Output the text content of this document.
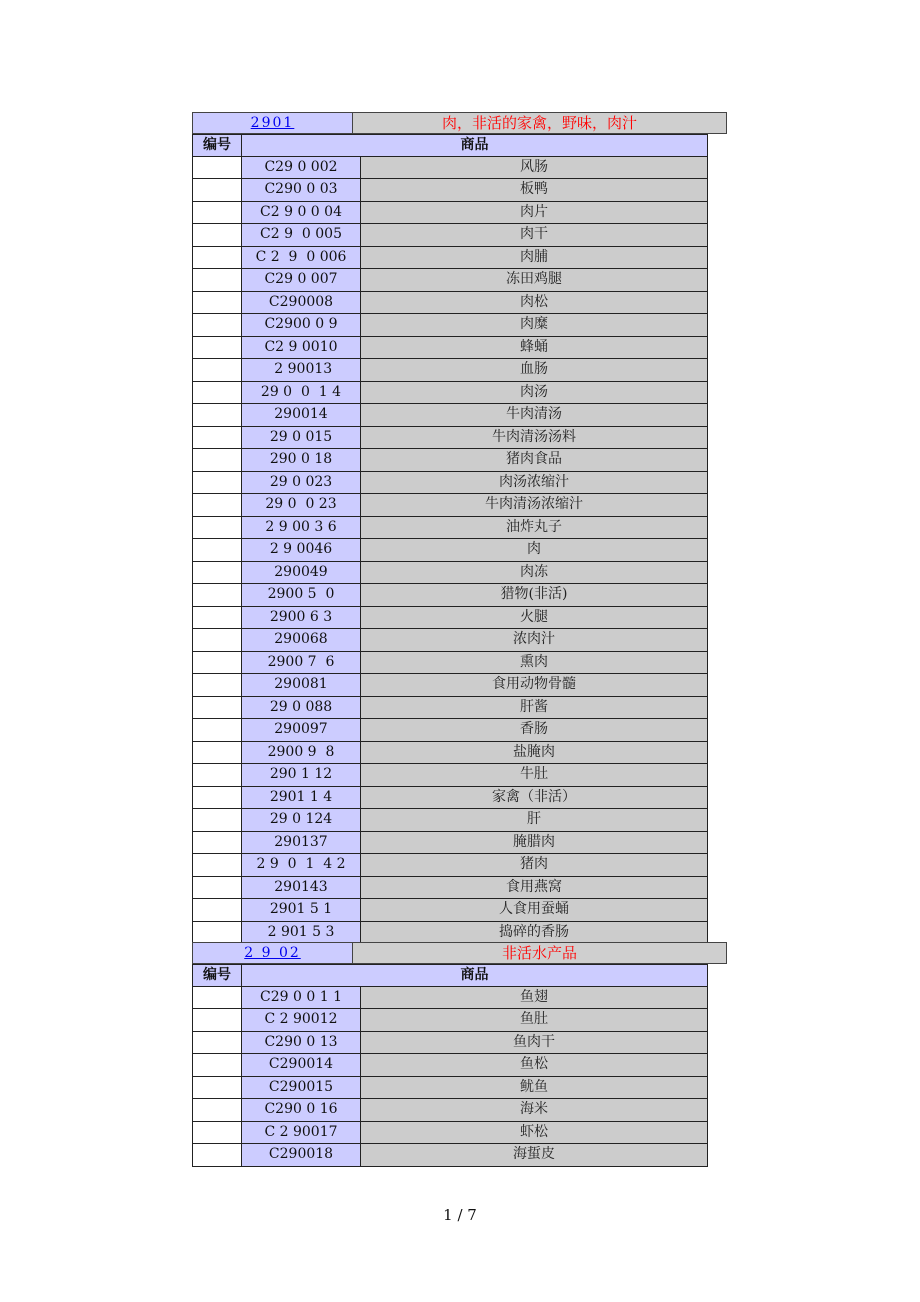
2901	肉，非活的家禽，野味，肉汁
编号	商品
C29 0 002	风肠
C290 0 03	板鸭
C2 9 0 0 04	肉片
C2 9  0 005	肉干
C 2  9  0 006	肉脯
C29 0 007	冻田鸡腿
C290008	肉松
C2900 0 9	肉糜
C2 9 0010	蜂蛹
2 90013	血肠
29 0  0  1 4	肉汤
290014	牛肉清汤
29 0 015	牛肉清汤汤料
290 0 18	猪肉食品
29 0 023	肉汤浓缩汁
29 0  0 23	牛肉清汤浓缩汁
2 9 00 3 6	油炸丸子
2 9 0046	肉
290049	肉冻
2900 5  0	猎物(非活)
2900 6 3	火腿
290068	浓肉汁
2900 7  6	熏肉
290081	食用动物骨髓
29 0 088	肝酱
290097	香肠
2900 9  8	盐腌肉
290 1 12	牛肚
2901 1 4	家禽（非活）
29 0 124	肝
290137	腌腊肉
2 9  0  1  4 2	猪肉
290143	食用燕窝
2901 5 1	人食用蚕蛹
2 901 5 3	捣碎的香肠
2 9 02	非活水产品
编号	商品
C29 0 0 1 1	鱼翅
C 2 90012	鱼肚
C290 0 13	鱼肉干
C290014	鱼松
C290015	鱿鱼
C290 0 16	海米
C 2 90017	虾松
C290018	海蜇皮
1 / 7
